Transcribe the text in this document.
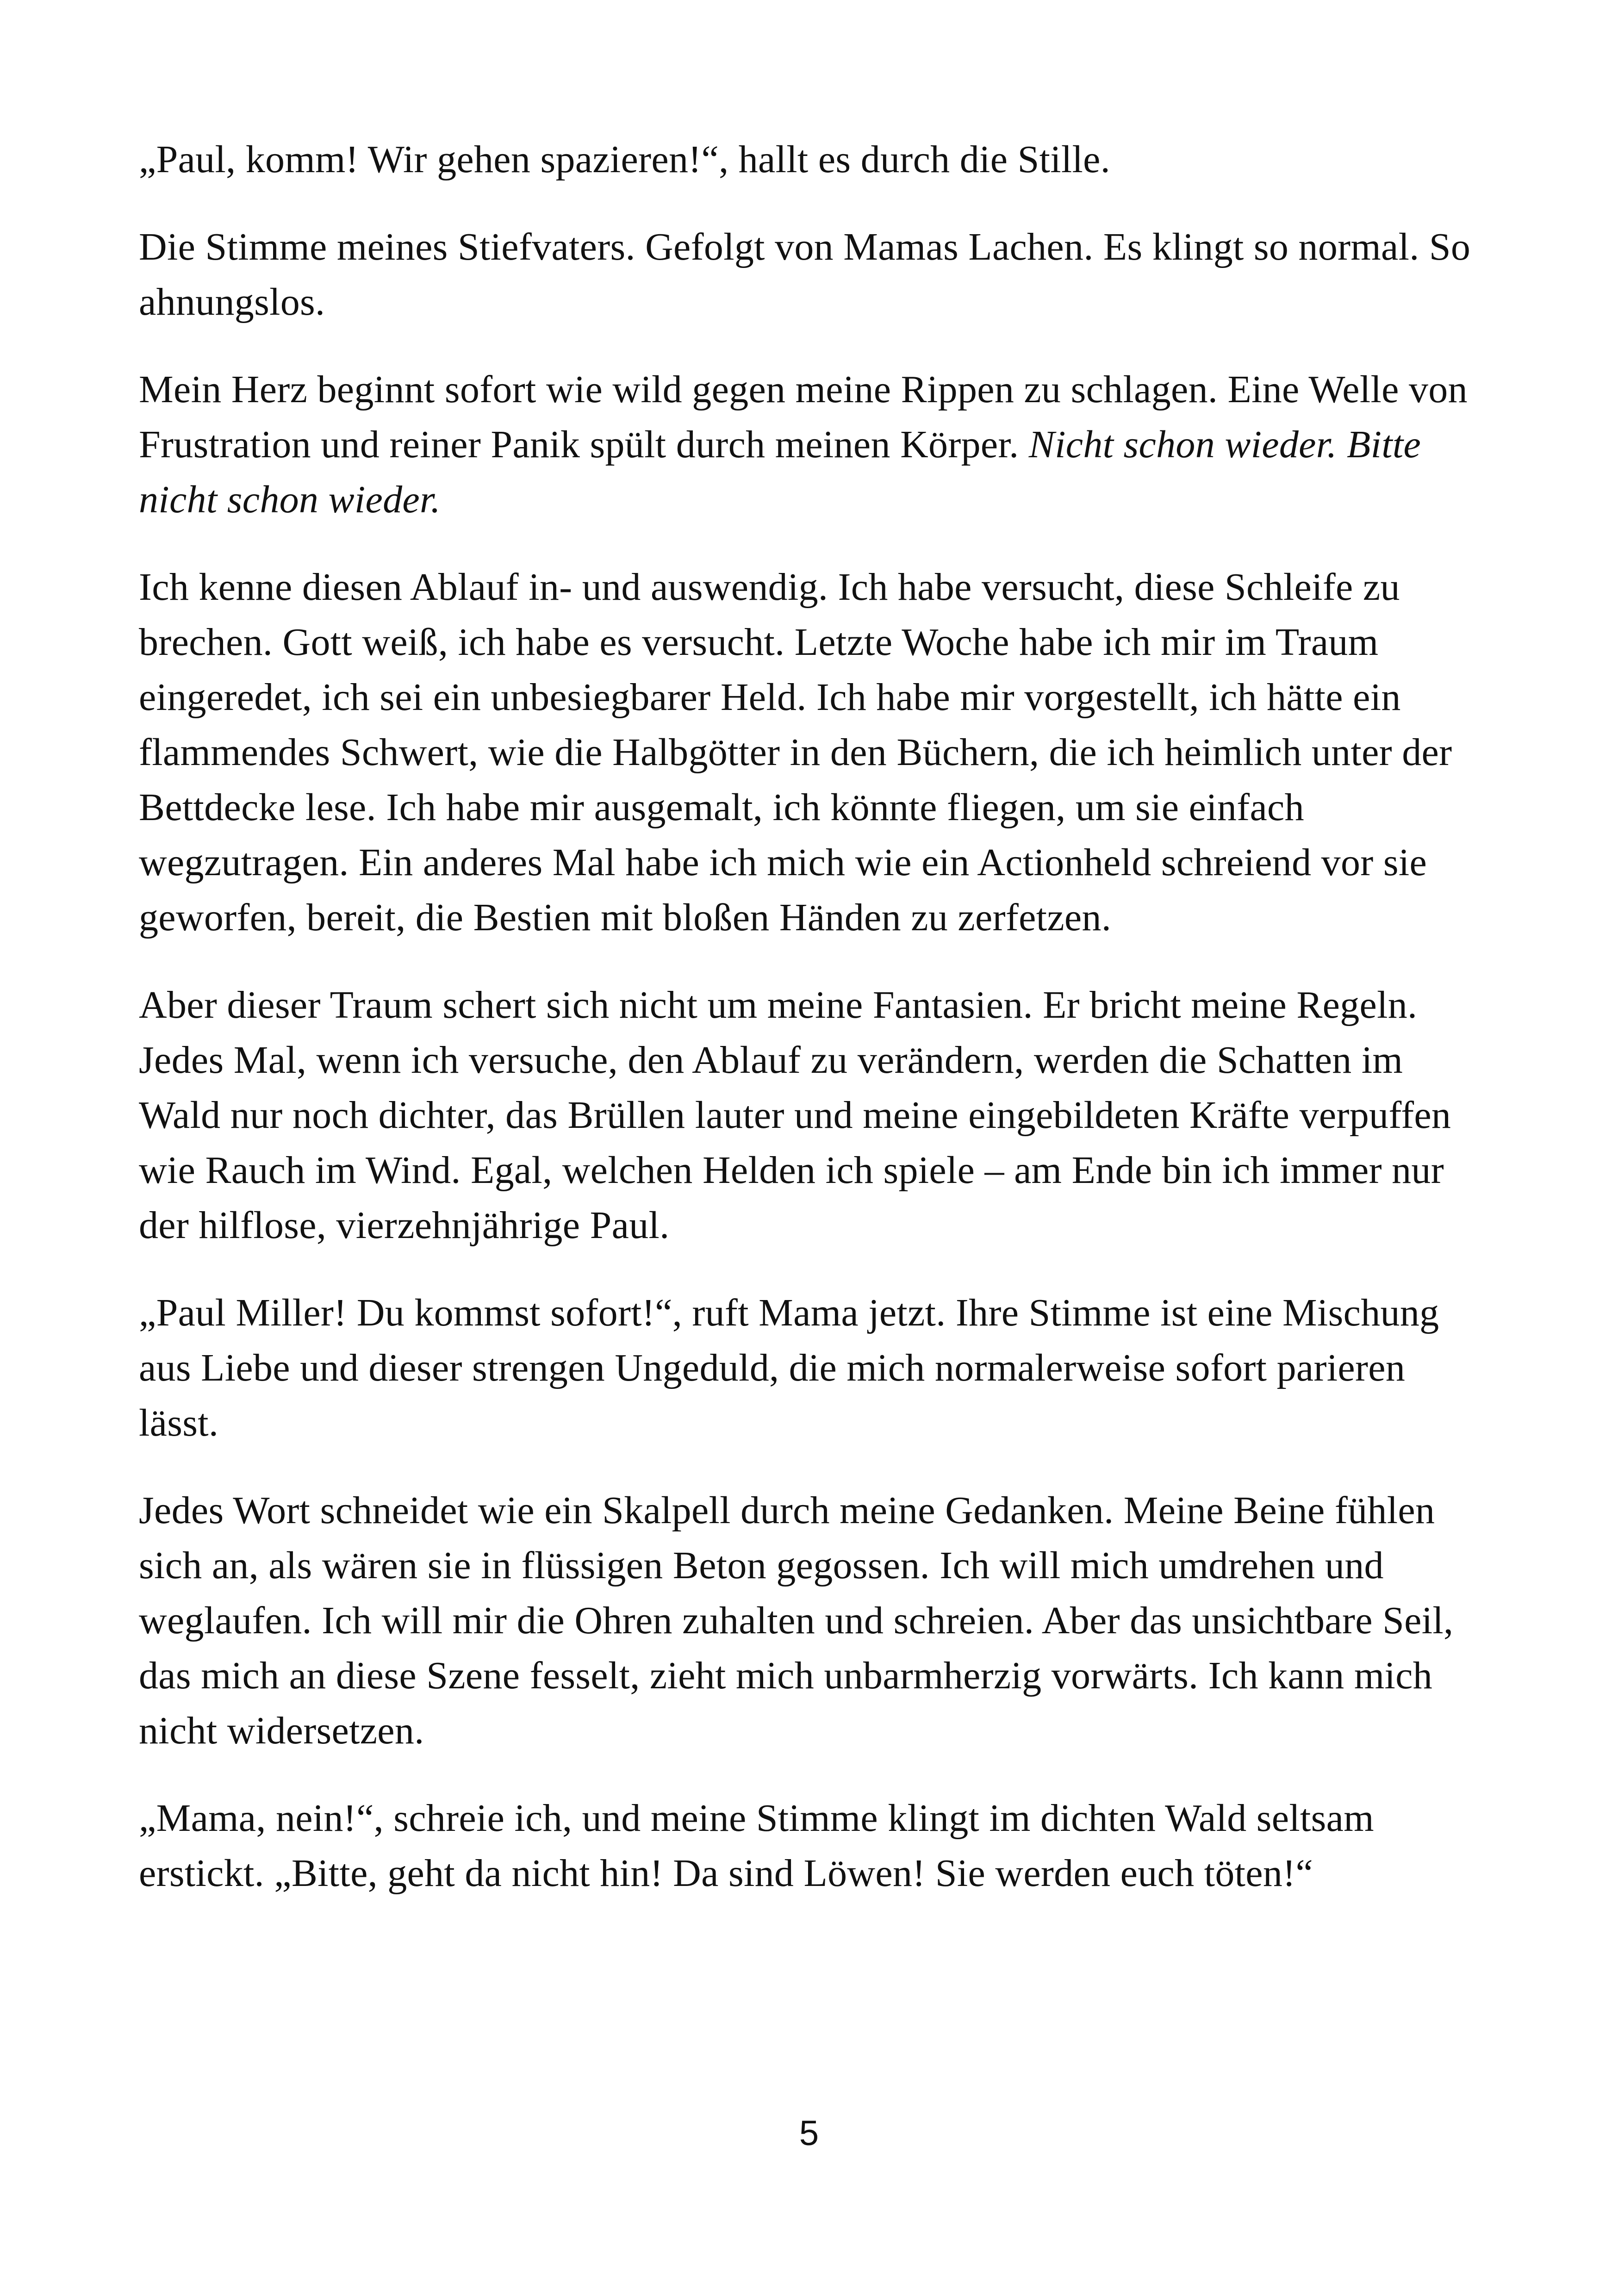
„Paul, komm! Wir gehen spazieren!“, hallt es durch die Stille.

Die Stimme meines Stiefvaters. Gefolgt von Mamas Lachen. Es klingt so normal. So ahnungslos.

Mein Herz beginnt sofort wie wild gegen meine Rippen zu schlagen. Eine Welle von Frustration und reiner Panik spült durch meinen Körper. Nicht schon wieder. Bitte nicht schon wieder.

Ich kenne diesen Ablauf in- und auswendig. Ich habe versucht, diese Schleife zu brechen. Gott weiß, ich habe es versucht. Letzte Woche habe ich mir im Traum eingeredet, ich sei ein unbesiegbarer Held. Ich habe mir vorgestellt, ich hätte ein flammendes Schwert, wie die Halbgötter in den Büchern, die ich heimlich unter der Bettdecke lese. Ich habe mir ausgemalt, ich könnte fliegen, um sie einfach wegzutragen. Ein anderes Mal habe ich mich wie ein Actionheld schreiend vor sie geworfen, bereit, die Bestien mit bloßen Händen zu zerfetzen.

Aber dieser Traum schert sich nicht um meine Fantasien. Er bricht meine Regeln. Jedes Mal, wenn ich versuche, den Ablauf zu verändern, werden die Schatten im Wald nur noch dichter, das Brüllen lauter und meine eingebildeten Kräfte verpuffen wie Rauch im Wind. Egal, welchen Helden ich spiele – am Ende bin ich immer nur der hilflose, vierzehnjährige Paul.

„Paul Miller! Du kommst sofort!“, ruft Mama jetzt. Ihre Stimme ist eine Mischung aus Liebe und dieser strengen Ungeduld, die mich normalerweise sofort parieren lässt.

Jedes Wort schneidet wie ein Skalpell durch meine Gedanken. Meine Beine fühlen sich an, als wären sie in flüssigen Beton gegossen. Ich will mich umdrehen und weglaufen. Ich will mir die Ohren zuhalten und schreien. Aber das unsichtbare Seil, das mich an diese Szene fesselt, zieht mich unbarmherzig vorwärts. Ich kann mich nicht widersetzen.

„Mama, nein!“, schreie ich, und meine Stimme klingt im dichten Wald seltsam erstickt. „Bitte, geht da nicht hin! Da sind Löwen! Sie werden euch töten!“

5
